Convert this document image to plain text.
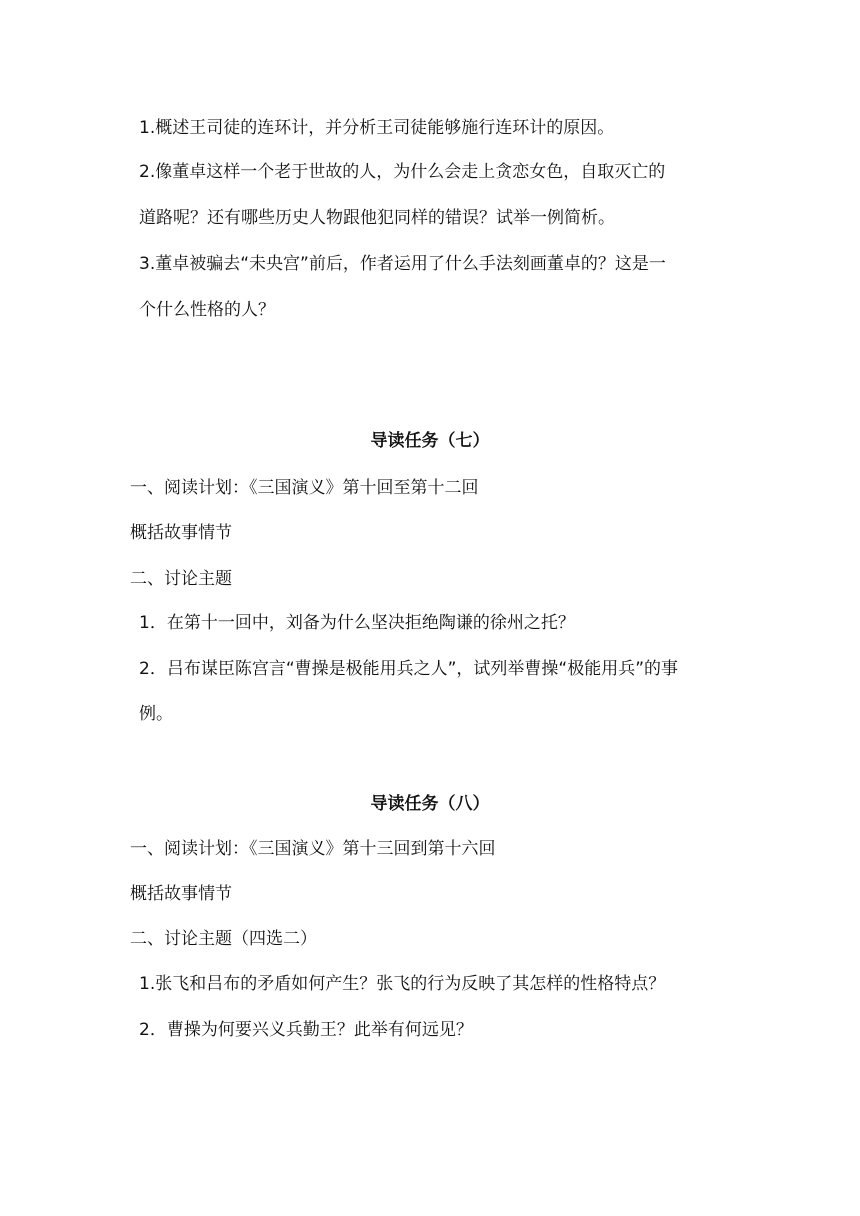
1.概述王司徒的连环计，并分析王司徒能够施行连环计的原因。
2.像董卓这样一个老于世故的人，为什么会走上贪恋女色，自取灭亡的
道路呢？还有哪些历史人物跟他犯同样的错误？试举一例简析。
3.董卓被骗去“未央宫”前后，作者运用了什么手法刻画董卓的？这是一
个什么性格的人？
导读任务（七）
一、阅读计划：《三国演义》第十回至第十二回
概括故事情节
二、讨论主题
1．在第十一回中，刘备为什么坚决拒绝陶谦的徐州之托？
2．吕布谋臣陈宫言“曹操是极能用兵之人”，试列举曹操“极能用兵”的事
例。
导读任务（八）
一、阅读计划：《三国演义》第十三回到第十六回
概括故事情节
二、讨论主题（四选二）
1.张飞和吕布的矛盾如何产生？张飞的行为反映了其怎样的性格特点？
2．曹操为何要兴义兵勤王？此举有何远见？
